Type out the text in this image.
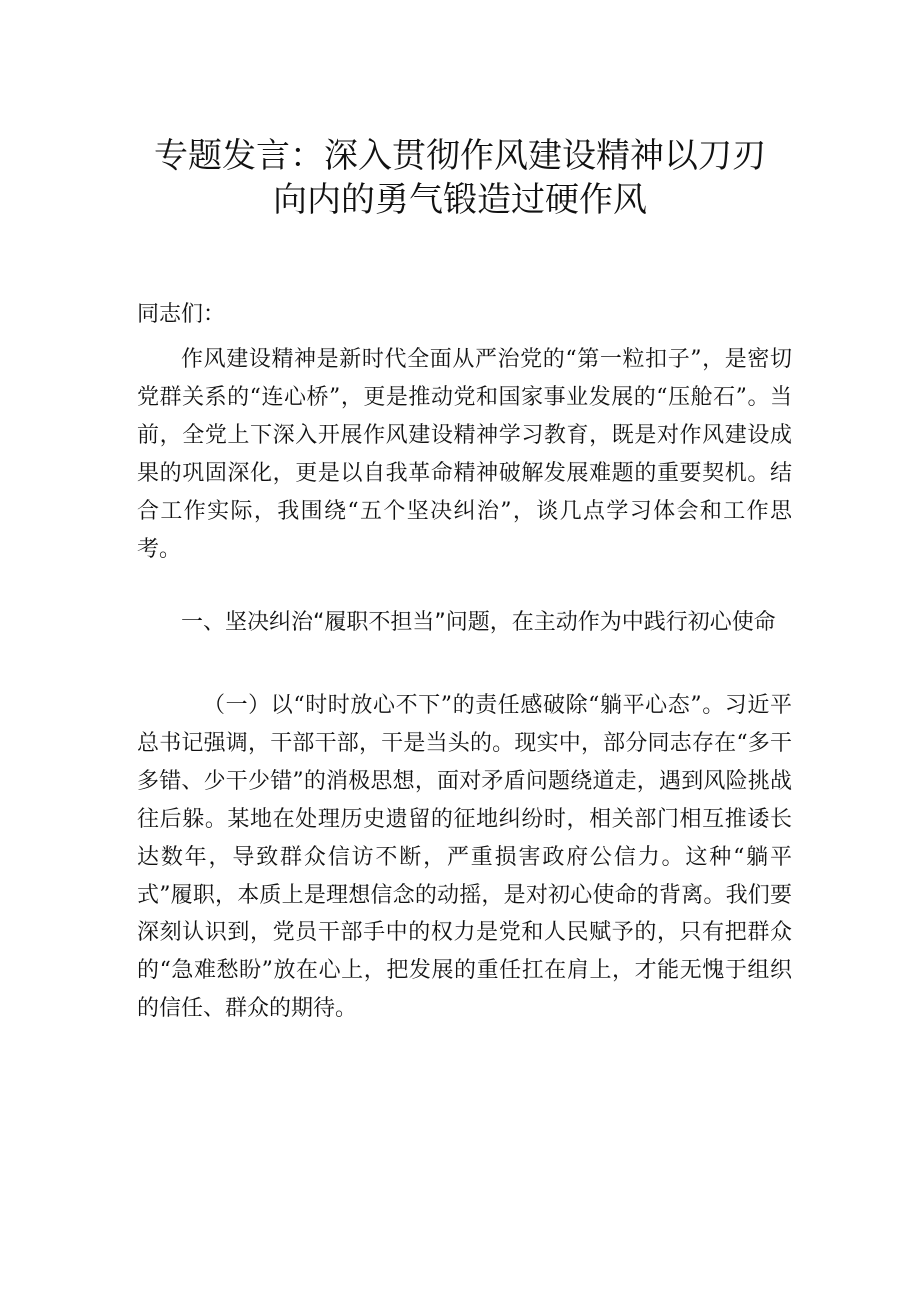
专题发言：深入贯彻作风建设精神以刀刃
向内的勇气锻造过硬作风
同志们：
作风建设精神是新时代全面从严治党的“第一粒扣子”，是密切党群关系的“连心桥”，更是推动党和国家事业发展的“压舱石”。当前，全党上下深入开展作风建设精神学习教育，既是对作风建设成果的巩固深化，更是以自我革命精神破解发展难题的重要契机。结合工作实际，我围绕“五个坚决纠治”，谈几点学习体会和工作思考。
一、坚决纠治“履职不担当”问题，在主动作为中践行初心使命
（一）以“时时放心不下”的责任感破除“躺平心态”。习近平总书记强调，干部干部，干是当头的。现实中，部分同志存在“多干多错、少干少错”的消极思想，面对矛盾问题绕道走，遇到风险挑战往后躲。某地在处理历史遗留的征地纠纷时，相关部门相互推诿长达数年，导致群众信访不断，严重损害政府公信力。这种“躺平式”履职，本质上是理想信念的动摇，是对初心使命的背离。我们要深刻认识到，党员干部手中的权力是党和人民赋予的，只有把群众的“急难愁盼”放在心上，把发展的重任扛在肩上，才能无愧于组织的信任、群众的期待。
